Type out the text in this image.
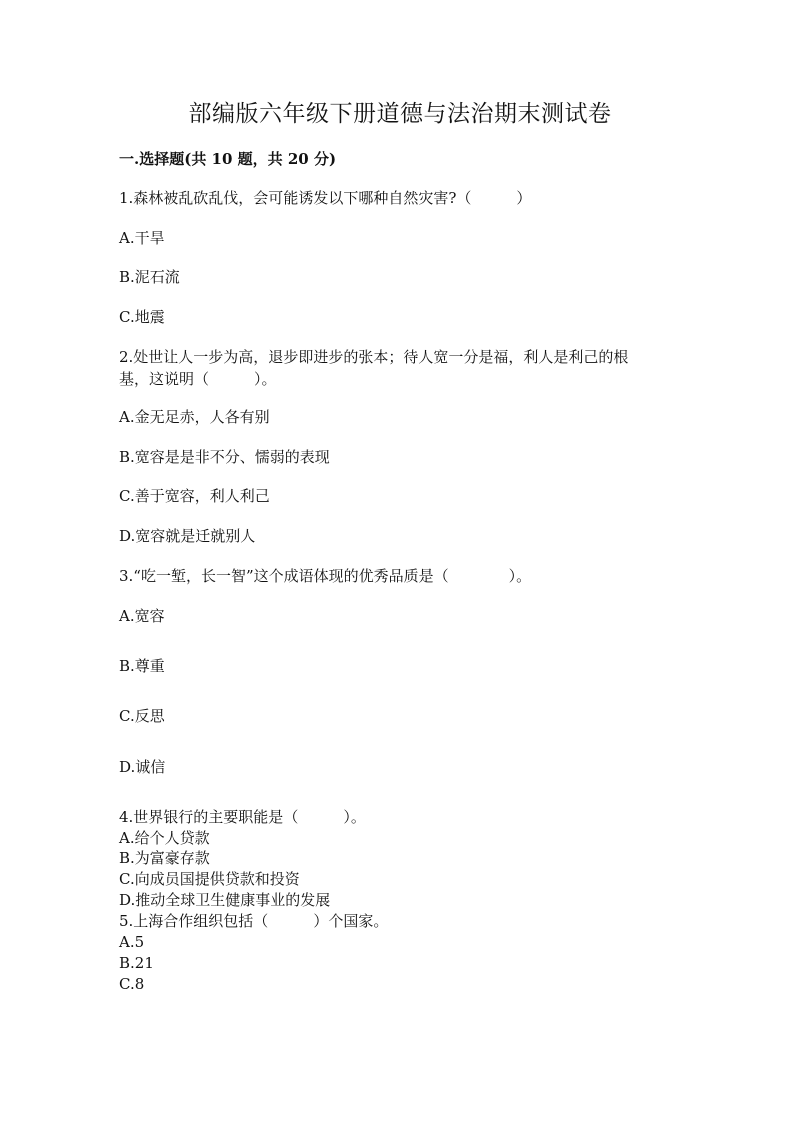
部编版六年级下册道德与法治期末测试卷
一.选择题(共 10 题，共 20 分)
1.森林被乱砍乱伐，会可能诱发以下哪种自然灾害?（　　　）
A.干旱
B.泥石流
C.地震
2.处世让人一步为高，退步即进步的张本；待人宽一分是福，利人是利己的根
基，这说明（　　　）。
A.金无足赤，人各有别
B.宽容是是非不分、懦弱的表现
C.善于宽容，利人利己
D.宽容就是迁就别人
3.“吃一堑，长一智”这个成语体现的优秀品质是（　　　　）。
A.宽容
B.尊重
C.反思
D.诚信
4.世界银行的主要职能是（　　　）。
A.给个人贷款
B.为富豪存款
C.向成员国提供贷款和投资
D.推动全球卫生健康事业的发展
5.上海合作组织包括（　　　）个国家。
A.5
B.21
C.8
